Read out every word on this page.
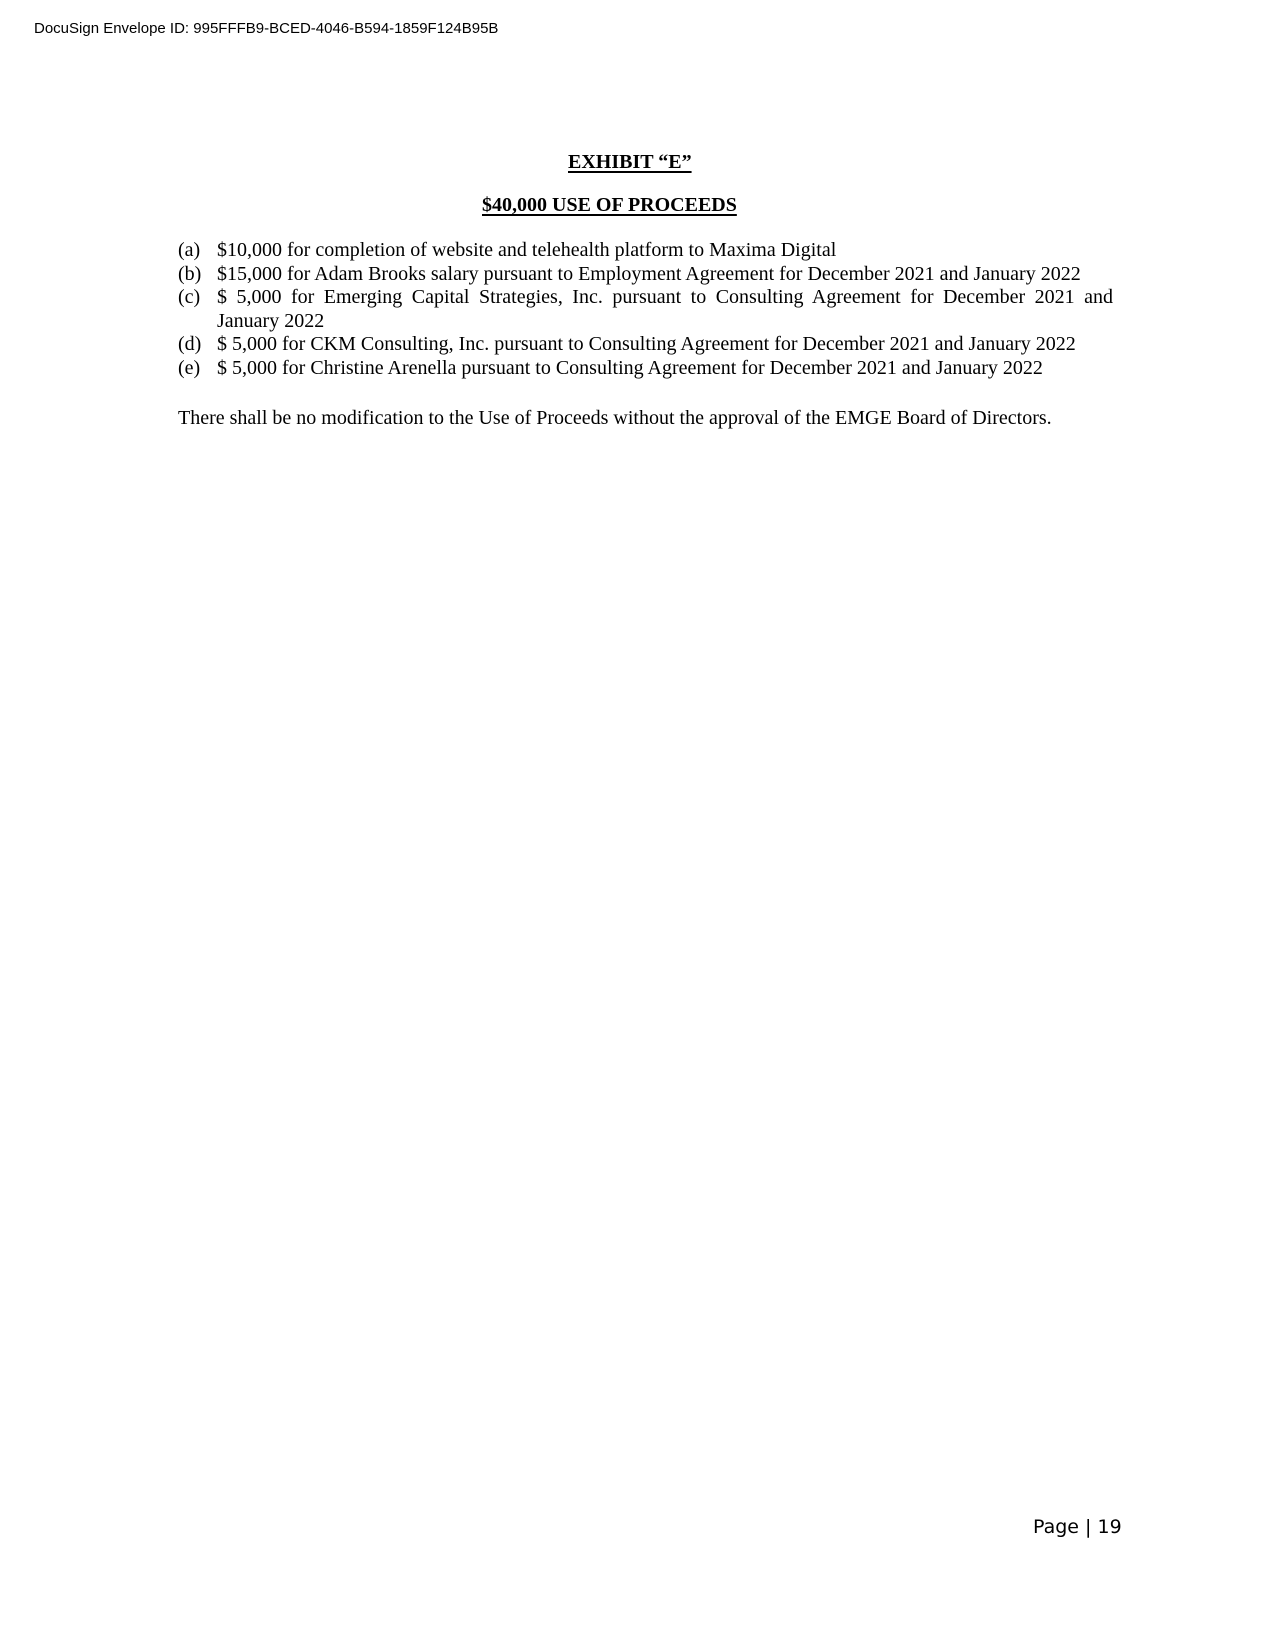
DocuSign Envelope ID: 995FFFB9-BCED-4046-B594-1859F124B95B
EXHIBIT “E”
$40,000 USE OF PROCEEDS
(a) $10,000 for completion of website and telehealth platform to Maxima Digital
(b) $15,000 for Adam Brooks salary pursuant to Employment Agreement for December 2021 and January 2022
(c) $ 5,000 for Emerging Capital Strategies, Inc. pursuant to Consulting Agreement for December 2021 and January 2022
(d) $ 5,000 for CKM Consulting, Inc. pursuant to Consulting Agreement for December 2021 and January 2022
(e) $ 5,000 for Christine Arenella pursuant to Consulting Agreement for December 2021 and January 2022
There shall be no modification to the Use of Proceeds without the approval of the EMGE Board of Directors.
Page | 19
